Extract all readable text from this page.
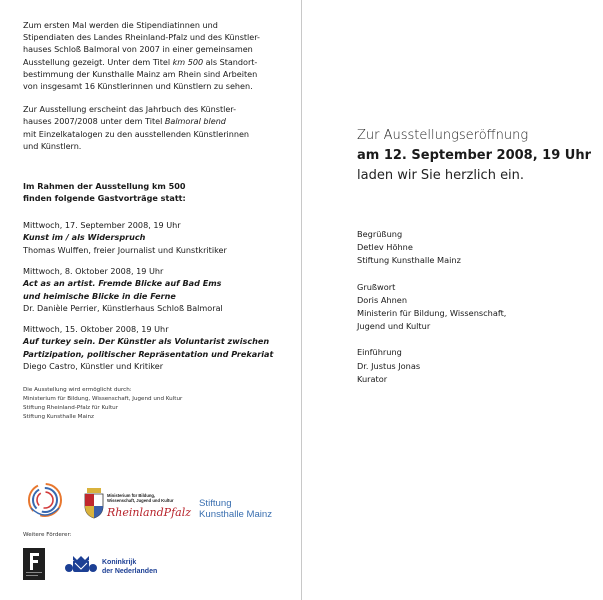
Zum ersten Mal werden die Stipendiatinnen und
Stipendiaten des Landes Rheinland-Pfalz und des Künstler-
hauses Schloß Balmoral von 2007 in einer gemeinsamen
Ausstellung gezeigt. Unter dem Titel km 500 als Standort-
bestimmung der Kunsthalle Mainz am Rhein sind Arbeiten
von insgesamt 16 Künstlerinnen und Künstlern zu sehen.
Zur Ausstellung erscheint das Jahrbuch des Künstler-
hauses 2007/2008 unter dem Titel Balmoral blend
mit Einzelkatalogen zu den ausstellenden Künstlerinnen
und Künstlern.
Im Rahmen der Ausstellung km 500
finden folgende Gastvorträge statt:
Mittwoch, 17. September 2008, 19 Uhr
Kunst im / als Widerspruch
Thomas Wulffen, freier Journalist und Kunstkritiker
Mittwoch, 8. Oktober 2008, 19 Uhr
Act as an artist. Fremde Blicke auf Bad Ems
und heimische Blicke in die Ferne
Dr. Danièle Perrier, Künstlerhaus Schloß Balmoral
Mittwoch, 15. Oktober 2008, 19 Uhr
Auf turkey sein. Der Künstler als Voluntarist zwischen
Partizipation, politischer Repräsentation und Prekariat
Diego Castro, Künstler und Kritiker
Die Ausstellung wird ermöglicht durch:
Ministerium für Bildung, Wissenschaft, Jugend und Kultur
Stiftung Rheinland-Pfalz für Kultur
Stiftung Kunsthalle Mainz
Ministerium für Bildung,
Wissenschaft, Jugend und Kultur
RheinlandPfalz
Stiftung
Kunsthalle Mainz
Weitere Förderer:
Koninkrijk
der Nederlanden
Zur Ausstellungseröffnung
am 12. September 2008, 19 Uhr
laden wir Sie herzlich ein.
Begrüßung
Detlev Höhne
Stiftung Kunsthalle Mainz
Grußwort
Doris Ahnen
Ministerin für Bildung, Wissenschaft,
Jugend und Kultur
Einführung
Dr. Justus Jonas
Kurator
